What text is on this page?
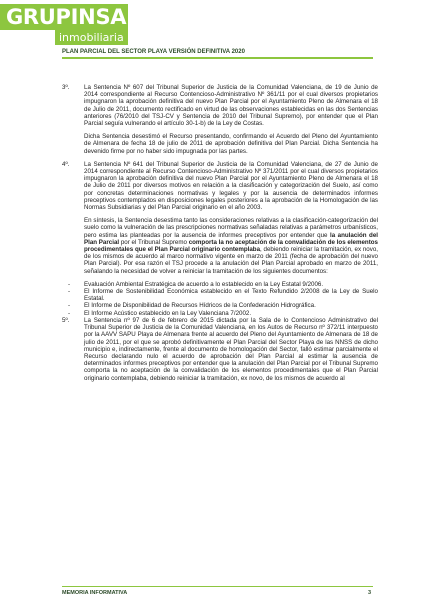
GRUPINSA
inmobiliaria
PLAN PARCIAL DEL SECTOR PLAYA VERSIÓN DEFINITIVA 2020
3º.	La Sentencia Nº 607 del Tribunal Superior de Justicia de la Comunidad Valenciana, de 19 de Junio de 2014 correspondiente al Recurso Contencioso-Administrativo Nº 361/11 por el cual diversos propietarios impugnaron la aprobación definitiva del nuevo Plan Parcial por el Ayuntamiento Pleno de Almenara el 18 de Julio de 2011, documento rectificado en virtud de las observaciones establecidas en las dos Sentencias anteriores (76/2010 del TSJ-CV y Sentencia de 2010 del Tribunal Supremo), por entender que el Plan Parcial seguía vulnerando el artículo 30-1-b) de la Ley de Costas.

Dicha Sentencia desestimó el Recurso presentando, confirmando el Acuerdo del Pleno del Ayuntamiento de Almenara de fecha 18 de julio de 2011 de aprobación definitiva del Plan Parcial. Dicha Sentencia ha devenido firme por no haber sido impugnada por las partes.

4º.	La Sentencia Nº 641 del Tribunal Superior de Justicia de la Comunidad Valenciana, de 27 de Junio de 2014 correspondiente al Recurso Contencioso-Administrativo Nº 371/2011 por el cual diversos propietarios impugnaron la aprobación definitiva del nuevo Plan Parcial por el Ayuntamiento Pleno de Almenara el 18 de Julio de 2011 por diversos motivos en relación a la clasificación y categorización del Suelo, así como por concretas determinaciones normativas y legales y por la ausencia de determinados informes preceptivos contemplados en disposiciones legales posteriores a la aprobación de la Homologación de las Normas Subsidiarias y del Plan Parcial originario en el año 2003.

En síntesis, la Sentencia desestima tanto las consideraciones relativas a la clasificación-categorización del suelo como la vulneración de las prescripciones normativas señaladas relativas a parámetros urbanísticos, pero estima las planteadas por la ausencia de informes preceptivos por entender que la anulación del Plan Parcial por el Tribunal Supremo comporta la no aceptación de la convalidación de los elementos procedimentales que el Plan Parcial originario contemplaba, debiendo reiniciar la tramitación, ex novo, de los mismos de acuerdo al marco normativo vigente en marzo de 2011 (fecha de aprobación del nuevo Plan Parcial). Por esa razón el TSJ procede a la anulación del Plan Parcial aprobado en marzo de 2011, señalando la necesidad de volver a reiniciar la tramitación de los siguientes documentos:

-	Evaluación Ambiental Estratégica de acuerdo a lo establecido en la Ley Estatal 9/2006.
-	El Informe de Sostenibilidad Económica establecido en el Texto Refundido 2/2008 de la Ley de Suelo Estatal.
-	El Informe de Disponibilidad de Recursos Hídricos de la Confederación Hidrográfica.
-	El Informe Acústico establecido en la Ley Valenciana 7/2002.
5º.	La Sentencia nº 97 de 6 de febrero de 2015 dictada por la Sala de lo Contencioso Administrativo del Tribunal Superior de Justicia de la Comunidad Valenciana, en los Autos de Recurso nº 372/11 interpuesto por la AAVV SAPU Playa de Almenara frente al acuerdo del Pleno del Ayuntamiento de Almenara de 18 de julio de 2011, por el que se aprobó definitivamente el Plan Parcial del Sector Playa de las NNSS de dicho municipio e, indirectamente, frente al documento de homologación del Sector, falló estimar parcialmente el Recurso declarando nulo el acuerdo de aprobación del Plan Parcial al estimar la ausencia de determinados informes preceptivos por entender que la anulación del Plan Parcial por el Tribunal Supremo comporta la no aceptación de la convalidación de los elementos procedimentales que el Plan Parcial originario contemplaba, debiendo reiniciar la tramitación, ex novo, de los mismos de acuerdo al
MEMORIA INFORMATIVA	3
